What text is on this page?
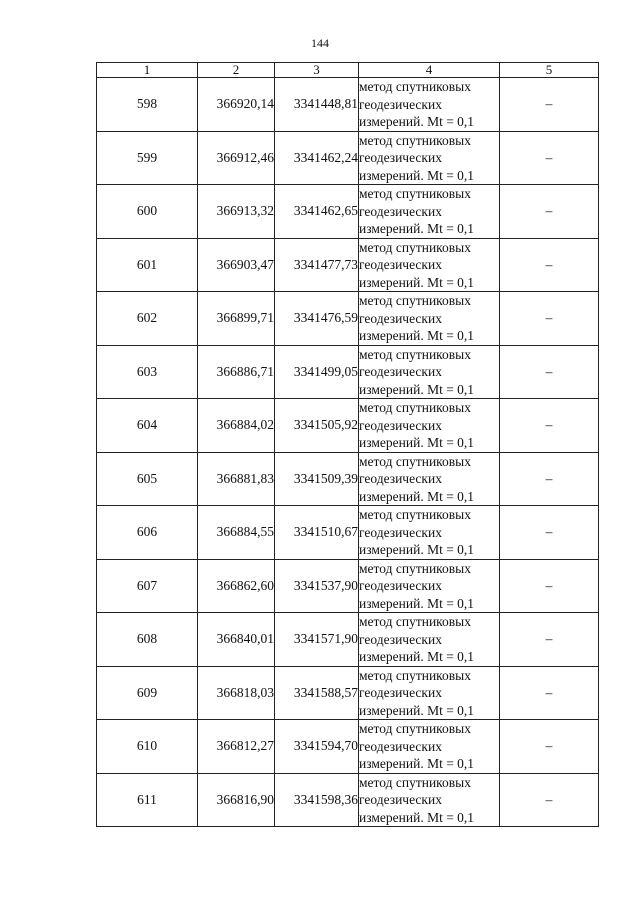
144
1	2	3	4	5
598	366920,14	3341448,81	метод спутниковых
геодезических
измерений. Mt = 0,1	–
599	366912,46	3341462,24	метод спутниковых
геодезических
измерений. Mt = 0,1	–
600	366913,32	3341462,65	метод спутниковых
геодезических
измерений. Mt = 0,1	–
601	366903,47	3341477,73	метод спутниковых
геодезических
измерений. Mt = 0,1	–
602	366899,71	3341476,59	метод спутниковых
геодезических
измерений. Mt = 0,1	–
603	366886,71	3341499,05	метод спутниковых
геодезических
измерений. Mt = 0,1	–
604	366884,02	3341505,92	метод спутниковых
геодезических
измерений. Mt = 0,1	–
605	366881,83	3341509,39	метод спутниковых
геодезических
измерений. Mt = 0,1	–
606	366884,55	3341510,67	метод спутниковых
геодезических
измерений. Mt = 0,1	–
607	366862,60	3341537,90	метод спутниковых
геодезических
измерений. Mt = 0,1	–
608	366840,01	3341571,90	метод спутниковых
геодезических
измерений. Mt = 0,1	–
609	366818,03	3341588,57	метод спутниковых
геодезических
измерений. Mt = 0,1	–
610	366812,27	3341594,70	метод спутниковых
геодезических
измерений. Mt = 0,1	–
611	366816,90	3341598,36	метод спутниковых
геодезических
измерений. Mt = 0,1	–
